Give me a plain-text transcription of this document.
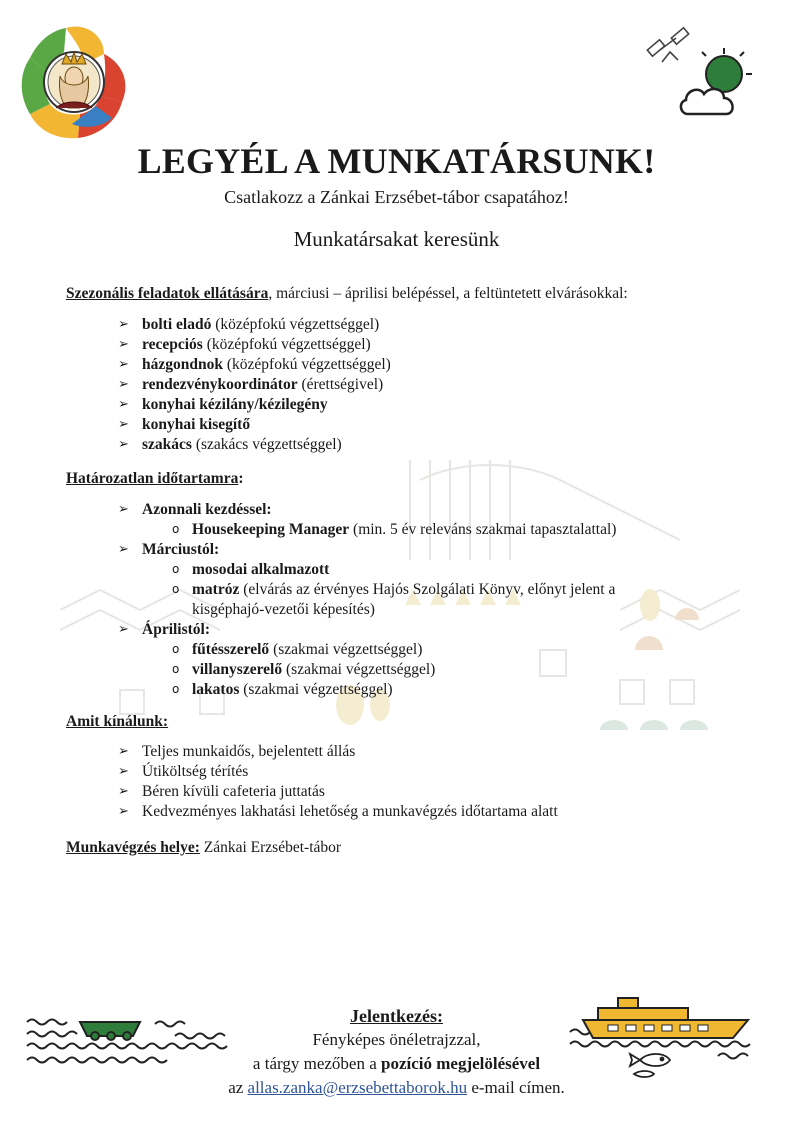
LEGYÉL A MUNKATÁRSUNK!
Csatlakozz a Zánkai Erzsébet-tábor csapatához!
Munkatársakat keresünk
Szezonális feladatok ellátására, márciusi – áprilisi belépéssel, a feltüntetett elvárásokkal:
➢ bolti eladó (középfokú végzettséggel)
➢ recepciós (középfokú végzettséggel)
➢ házgondnok (középfokú végzettséggel)
➢ rendezvénykoordinátor (érettségivel)
➢ konyhai kézilány/kézilegény
➢ konyhai kisegítő
➢ szakács (szakács végzettséggel)
Határozatlan időtartamra:
➢ Azonnali kezdéssel:
o Housekeeping Manager (min. 5 év releváns szakmai tapasztalattal)
➢ Márciustól:
o mosodai alkalmazott
o matróz (elvárás az érvényes Hajós Szolgálati Könyv, előnyt jelent a kisgéphajó-vezetői képesítés)
➢ Áprilistól:
o fűtésszerelő (szakmai végzettséggel)
o villanyszerelő (szakmai végzettséggel)
o lakatos (szakmai végzettséggel)
Amit kínálunk:
➢ Teljes munkaidős, bejelentett állás
➢ Útiköltség térítés
➢ Béren kívüli cafeteria juttatás
➢ Kedvezményes lakhatási lehetőség a munkavégzés időtartama alatt
Munkavégzés helye: Zánkai Erzsébet-tábor
Jelentkezés:
Fényképes önéletrajzzal,
a tárgy mezőben a pozíció megjelölésével
az allas.zanka@erzsebettaborok.hu e-mail címen.
